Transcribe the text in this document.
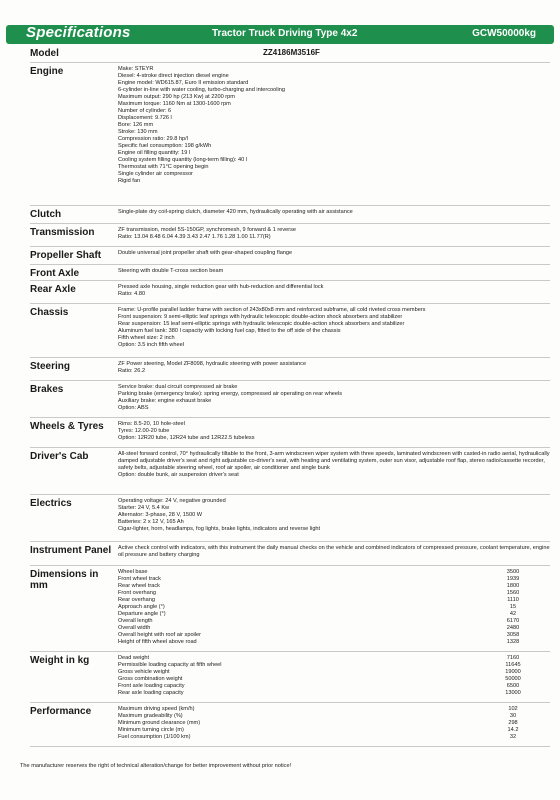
Specifications	Tractor Truck Driving Type 4x2	GCW50000kg
Model	ZZ4186M3516F
Engine	Make: STEYR
Diesel: 4-stroke direct injection diesel engine
Engine model: WD615.87, Euro II emission standard
6-cylinder in-line with water cooling, turbo-charging and intercooling
Maximum output: 290 hp (213 Kw) at 2200 rpm
Maximum torque: 1160 Nm at 1300-1600 rpm
Number of cylinder: 6
Displacement: 9.726 l
Bore: 126 mm
Stroke: 130 mm
Compression ratio: 29.8 hp/l
Specific fuel consumption: 198 g/kWh
Engine oil filling quantity: 19 l
Cooling system filling quantity (long-term filling): 40 l
Thermostat with 71°C opening begin
Single cylinder air compressor
Rigid fan
Clutch	Single-plate dry coil-spring clutch, diameter 420 mm, hydraulically operating with air assistance
Transmission	ZF transmission, model 5S-150GP, synchromesh, 9 forward & 1 reverse
Ratio: 13.04 8.48 6.04 4.39 3.43 2.47 1.76 1.28 1.00 11.77(R)
Propeller Shaft	Double universal joint propeller shaft with gear-shaped coupling flange
Front Axle	Steering with double T-cross section beam
Rear Axle	Pressed axle housing, single reduction gear with hub-reduction and differential lock
Ratio: 4.80
Chassis	Frame: U-profile parallel ladder frame with section of 243x80x8 mm and reinforced subframe, all cold riveted cross members
Front suspension: 9 semi-elliptic leaf springs with hydraulic telescopic double-action shock absorbers and stabilizer
Rear suspension: 15 leaf semi-elliptic springs with hydraulic telescopic double-action shock absorbers and stabilizer
Aluminum fuel tank: 380 l capacity with locking fuel cap, fitted to the off side of the chassis
Fifth wheel size: 2 inch
Option: 3.5 inch fifth wheel
Steering	ZF Power steering, Model ZF8098, hydraulic steering with power assistance
Ratio: 26.2
Brakes	Service brake: dual circuit compressed air brake
Parking brake (emergency brake): spring energy, compressed air operating on rear wheels
Auxiliary brake: engine exhaust brake
Option: ABS
Wheels & Tyres	Rims: 8.5-20, 10 hole-steel
Tyres: 12.00-20 tube
Option: 12R20 tube, 12R24 tube and 12R22.5 tubeless
Driver's Cab	All-steel forward control, 70° hydraulically tiltable to the front, 3-arm windscreen wiper system with three speeds, laminated windscreen with casted-in radio aerial, hydraulically damped adjustable driver's seat and right adjustable co-driver's seat, with heating and ventilating system, outer sun visor, adjustable roof flap, stereo radio/cassette recorder, safety belts, adjustable steering wheel, roof air spoiler, air conditioner and single bunk
Option: double bunk, air suspension driver's seat
Electrics	Operating voltage: 24 V, negative grounded
Starter: 24 V, 5.4 Kw
Alternator: 3-phase, 28 V, 1500 W
Batteries: 2 x 12 V, 165 Ah
Cigar-lighter, horn, headlamps, fog lights, brake lights, indicators and reverse light
Instrument Panel	Active check control with indicators, with this instrument the daily manual checks on the vehicle and combined indicators of compressed pressure, coolant temperature, engine oil pressure and battery charging
Dimensions in mm
Wheel base	3500
Front wheel track	1939
Rear wheel track	1800
Front overhang	1560
Rear overhang	1110
Approach angle (°)	15
Departure angle (°)	42
Overall length	6170
Overall width	2480
Overall height with roof air spoiler	3058
Height of fifth wheel above road	1328
Weight in kg	Dead weight	7160
Permissible loading capacity at fifth wheel	11645
Gross vehicle weight	19000
Gross combination weight	50000
Front axle loading capacity	6500
Rear axle loading capacity	13000
Performance	Maximum driving speed (km/h)	102
Maximum gradeability (%)	30
Minimum ground clearance (mm)	298
Minimum turning circle (m)	14.2
Fuel consumption (1/100 km)	32
The manufacturer reserves the right of technical alteration/change for better improvement without prior notice!
